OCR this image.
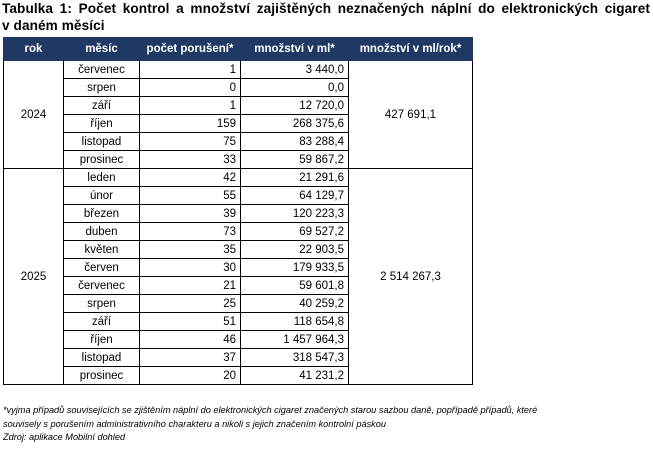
Tabulka 1: Počet kontrol a množství zajištěných neznačených náplní do elektronických cigaret
v daném měsíci
rok	měsíc	počet porušení*	množství v ml*	množství v ml/rok*
2024	červenec	1	3 440,0	427 691,1
	srpen	0	0,0	
	září	1	12 720,0	
	říjen	159	268 375,6	
	listopad	75	83 288,4	
	prosinec	33	59 867,2	
2025	leden	42	21 291,6	2 514 267,3
	únor	55	64 129,7	
	březen	39	120 223,3	
	duben	73	69 527,2	
	květen	35	22 903,5	
	červen	30	179 933,5	
	červenec	21	59 601,8	
	srpen	25	40 259,2	
	září	51	118 654,8	
	říjen	46	1 457 964,3	
	listopad	37	318 547,3	
	prosinec	20	41 231,2	
*vyjma případů souvisejících se zjištěním náplní do elektronických cigaret značených starou sazbou daně, popřípadě případů, které
souvisely s porušením administrativního charakteru a nikoli s jejich značením kontrolní páskou
Zdroj: aplikace Mobilní dohled
